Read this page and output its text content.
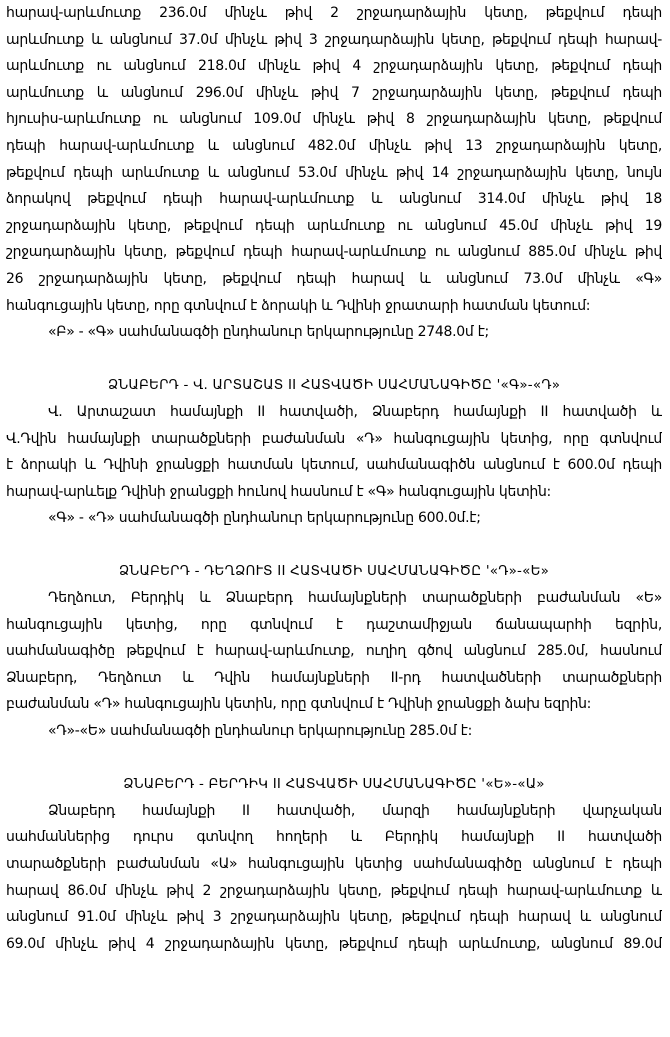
հարավ-արևմուտք 236.0մ մինչև թիվ 2 շրջադարձային կետը, թեքվում դեպի
արևմուտք և անցնում 37.0մ մինչև թիվ 3 շրջադարձային կետը, թեքվում դեպի հարավ-
արևմուտք ու անցնում 218.0մ մինչև թիվ 4 շրջադարձային կետը, թեքվում դեպի
արևմուտք և անցնում 296.0մ մինչև թիվ 7 շրջադարձային կետը, թեքվում դեպի
հյուսիս-արևմուտք ու անցնում 109.0մ մինչև թիվ 8 շրջադարձային կետը, թեքվում
դեպի հարավ-արևմուտք և անցնում 482.0մ մինչև թիվ 13 շրջադարձային կետը,
թեքվում դեպի արևմուտք և անցնում 53.0մ մինչև թիվ 14 շրջադարձային կետը, նույն
ձորակով թեքվում դեպի հարավ-արևմուտք և անցնում 314.0մ մինչև թիվ 18
շրջադարձային կետը, թեքվում դեպի արևմուտք ու անցնում 45.0մ մինչև թիվ 19
շրջադարձային կետը, թեքվում դեպի հարավ-արևմուտք ու անցնում 885.0մ մինչև թիվ
26 շրջադարձային կետը, թեքվում դեպի հարավ և անցնում 73.0մ մինչև «Գ»
հանգուցային կետը, որը գտնվում է ձորակի և Դվինի ջրատարի հատման կետում:
«Բ» - «Գ» սահմանագծի ընդհանուր երկարությունը 2748.0մ է;
ՁՆԱԲԵՐԴ - Վ. ԱՐՏԱՇԱՏ II ՀԱՏՎԱԾԻ ՍԱՀՄԱՆԱԳԻԾԸ '«Գ»-«Դ»
Վ. Արտաշատ համայնքի II հատվածի, Ձնաբերդ համայնքի II հատվածի և
Վ.Դվին համայնքի տարածքների բաժանման «Դ» հանգուցային կետից, որը գտնվում
է ձորակի և Դվինի ջրանցքի հատման կետում, սահմանագիծն անցնում է 600.0մ դեպի
հարավ-արևելք Դվինի ջրանցքի հունով հասնում է «Գ» հանգուցային կետին:
«Գ» - «Դ» սահմանագծի ընդհանուր երկարությունը 600.0մ.է;
ՁՆԱԲԵՐԴ - ԴԵՂՁՈՒՏ II ՀԱՏՎԱԾԻ ՍԱՀՄԱՆԱԳԻԾԸ '«Դ»-«Ե»
Դեղձուտ, Բերդիկ և Ձնաբերդ համայնքների տարածքների բաժանման «Ե»
հանգուցային կետից, որը գտնվում է դաշտամիջյան ճանապարհի եզրին,
սահմանագիծը թեքվում է հարավ-արևմուտք, ուղիղ գծով անցնում 285.0մ, հասնում
Ձնաբերդ, Դեղձուտ և Դվին համայնքների II-րդ հատվածների տարածքների
բաժանման «Դ» հանգուցային կետին, որը գտնվում է Դվինի ջրանցքի ձախ եզրին:
«Դ»-«Ե» սահմանագծի ընդհանուր երկարությունը 285.0մ է:
ՁՆԱԲԵՐԴ - ԲԵՐԴԻԿ II ՀԱՏՎԱԾԻ ՍԱՀՄԱՆԱԳԻԾԸ '«Ե»-«Ա»
Ձնաբերդ համայնքի II հատվածի, մարզի համայնքների վարչական
սահմաններից դուրս գտնվող հողերի և Բերդիկ համայնքի II հատվածի
տարածքների բաժանման «Ա» հանգուցային կետից սահմանագիծը անցնում է դեպի
հարավ 86.0մ մինչև թիվ 2 շրջադարձային կետը, թեքվում դեպի հարավ-արևմուտք և
անցնում 91.0մ մինչև թիվ 3 շրջադարձային կետը, թեքվում դեպի հարավ և անցնում
69.0մ մինչև թիվ 4 շրջադարձային կետը, թեքվում դեպի արևմուտք, անցնում 89.0մ
